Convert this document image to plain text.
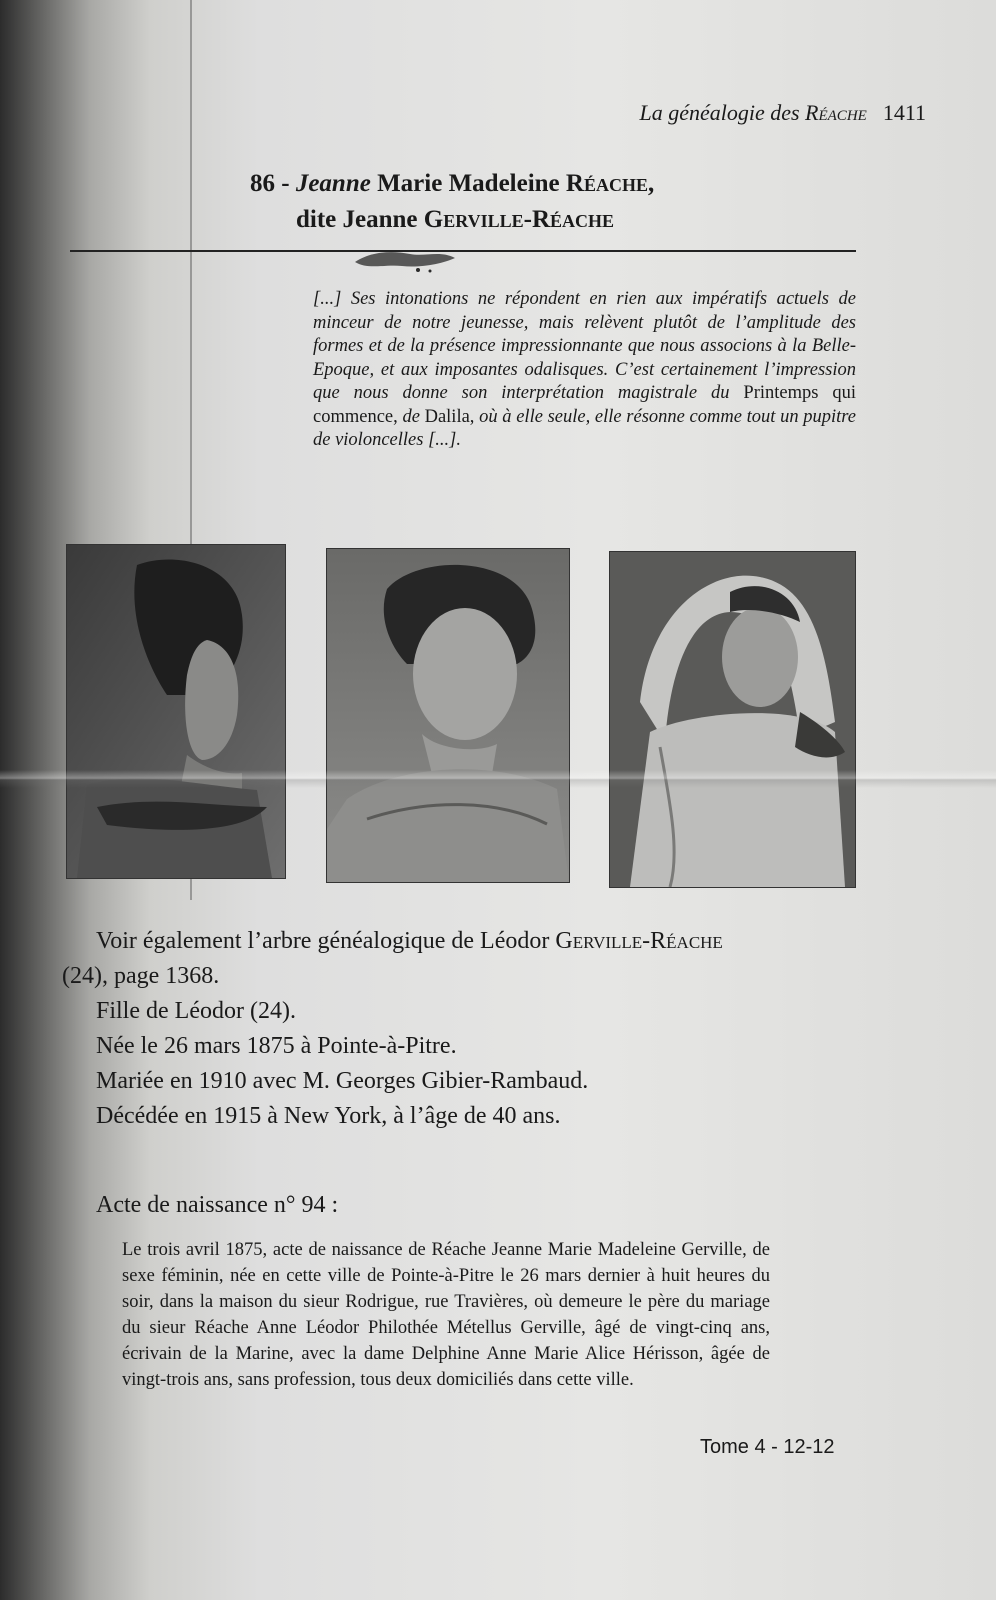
La généalogie des Réache 1411
86 - Jeanne Marie Madeleine Réache,
dite Jeanne Gerville-Réache
[...] Ses intonations ne répondent en rien aux impératifs actuels de minceur de notre jeunesse, mais relèvent plutôt de l’amplitude des formes et de la présence impressionnante que nous associons à la Belle-Epoque, et aux imposantes odalisques. C’est certainement l’impression que nous donne son interprétation magistrale du Printemps qui commence, de Dalila, où à elle seule, elle résonne comme tout un pupitre de violoncelles [...].

Voir également l’arbre généalogique de Léodor Gerville-Réache
(24), page 1368.

Fille de Léodor (24).

Née le 26 mars 1875 à Pointe-à-Pitre.

Mariée en 1910 avec M. Georges Gibier-Rambaud.

Décédée en 1915 à New York, à l’âge de 40 ans.

Acte de naissance n° 94 :
Le trois avril 1875, acte de naissance de Réache Jeanne Marie Madeleine Gerville, de sexe féminin, née en cette ville de Pointe-à-Pitre le 26 mars dernier à huit heures du soir, dans la maison du sieur Rodrigue, rue Travières, où demeure le père du mariage du sieur Réache Anne Léodor Philothée Métellus Gerville, âgé de vingt-cinq ans, écrivain de la Marine, avec la dame Delphine Anne Marie Alice Hérisson, âgée de vingt-trois ans, sans profession, tous deux domiciliés dans cette ville.
Tome 4 - 12-12
